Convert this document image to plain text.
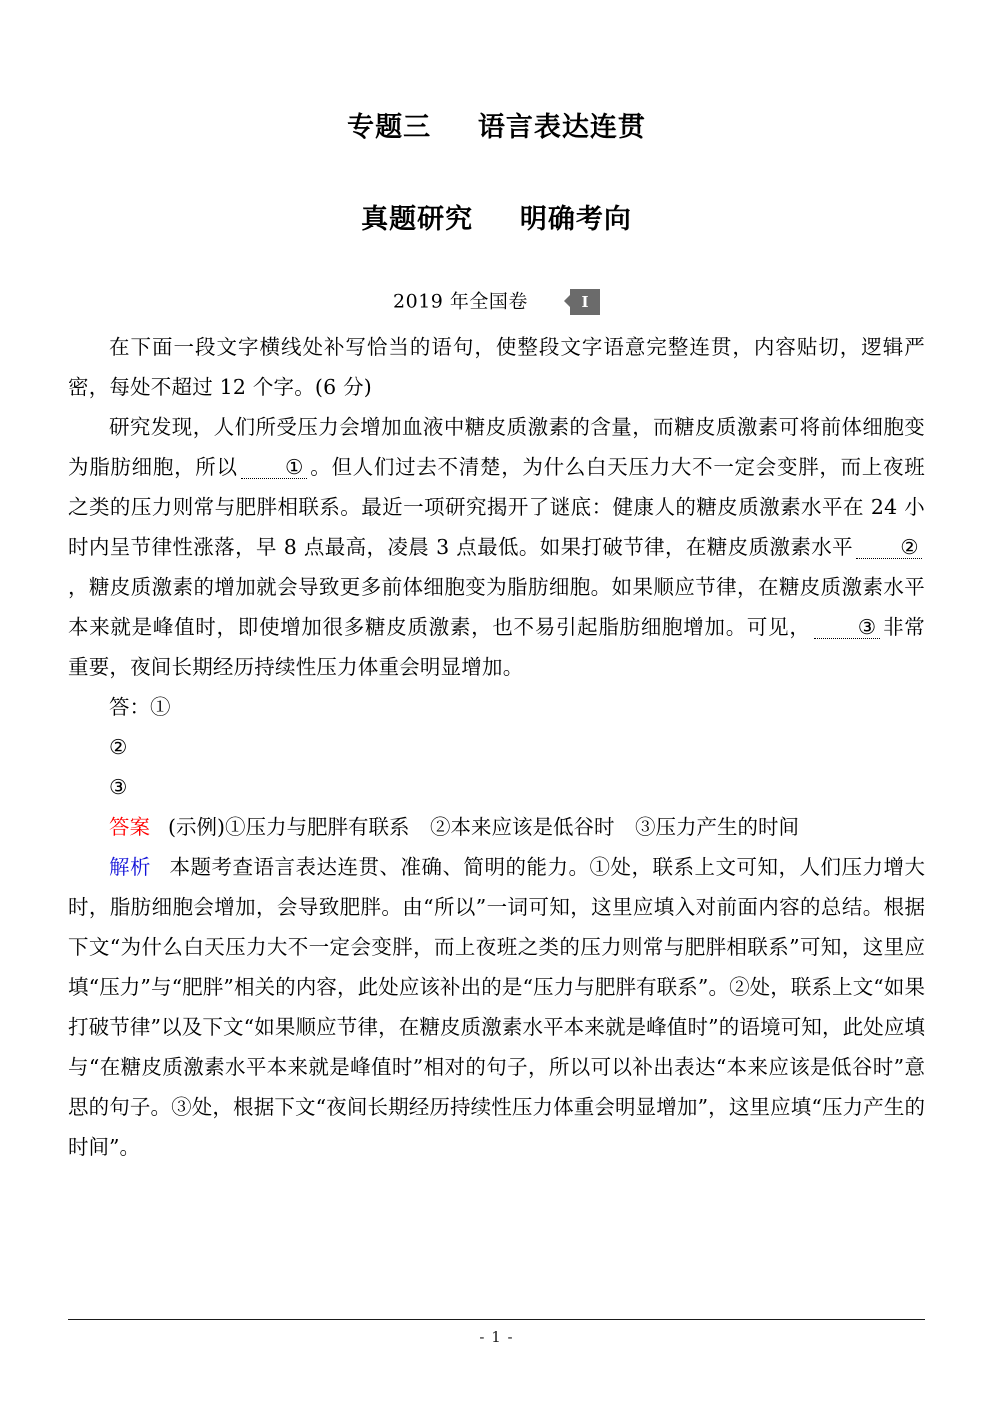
专题三 语言表达连贯
真题研究 明确考向
2019 年全国卷	Ⅰ

在下面一段文字横线处补写恰当的语句，使整段文字语意完整连贯，内容贴切，逻辑严密，每处不超过 12 个字。(6 分)

研究发现，人们所受压力会增加血液中糖皮质激素的含量，而糖皮质激素可将前体细胞变为脂肪细胞，所以 ① 。但人们过去不清楚，为什么白天压力大不一定会变胖，而上夜班之类的压力则常与肥胖相联系。最近一项研究揭开了谜底：健康人的糖皮质激素水平在 24 小时内呈节律性涨落，早 8 点最高，凌晨 3 点最低。如果打破节律，在糖皮质激素水平 ②，糖皮质激素的增加就会导致更多前体细胞变为脂肪细胞。如果顺应节律，在糖皮质激素水平本来就是峰值时，即使增加很多糖皮质激素，也不易引起脂肪细胞增加。可见， ③ 非常重要，夜间长期经历持续性压力体重会明显增加。

答：①

②

③

答案 (示例)①压力与肥胖有联系　②本来应该是低谷时　③压力产生的时间

解析 本题考查语言表达连贯、准确、简明的能力。①处，联系上文可知，人们压力增大时，脂肪细胞会增加，会导致肥胖。由“所以”一词可知，这里应填入对前面内容的总结。根据下文“为什么白天压力大不一定会变胖，而上夜班之类的压力则常与肥胖相联系”可知，这里应填“压力”与“肥胖”相关的内容，此处应该补出的是“压力与肥胖有联系”。②处，联系上文“如果打破节律”以及下文“如果顺应节律，在糖皮质激素水平本来就是峰值时”的语境可知，此处应填与“在糖皮质激素水平本来就是峰值时”相对的句子，所以可以补出表达“本来应该是低谷时”意思的句子。③处，根据下文“夜间长期经历持续性压力体重会明显增加”，这里应填“压力产生的时间”。

- 1 -
